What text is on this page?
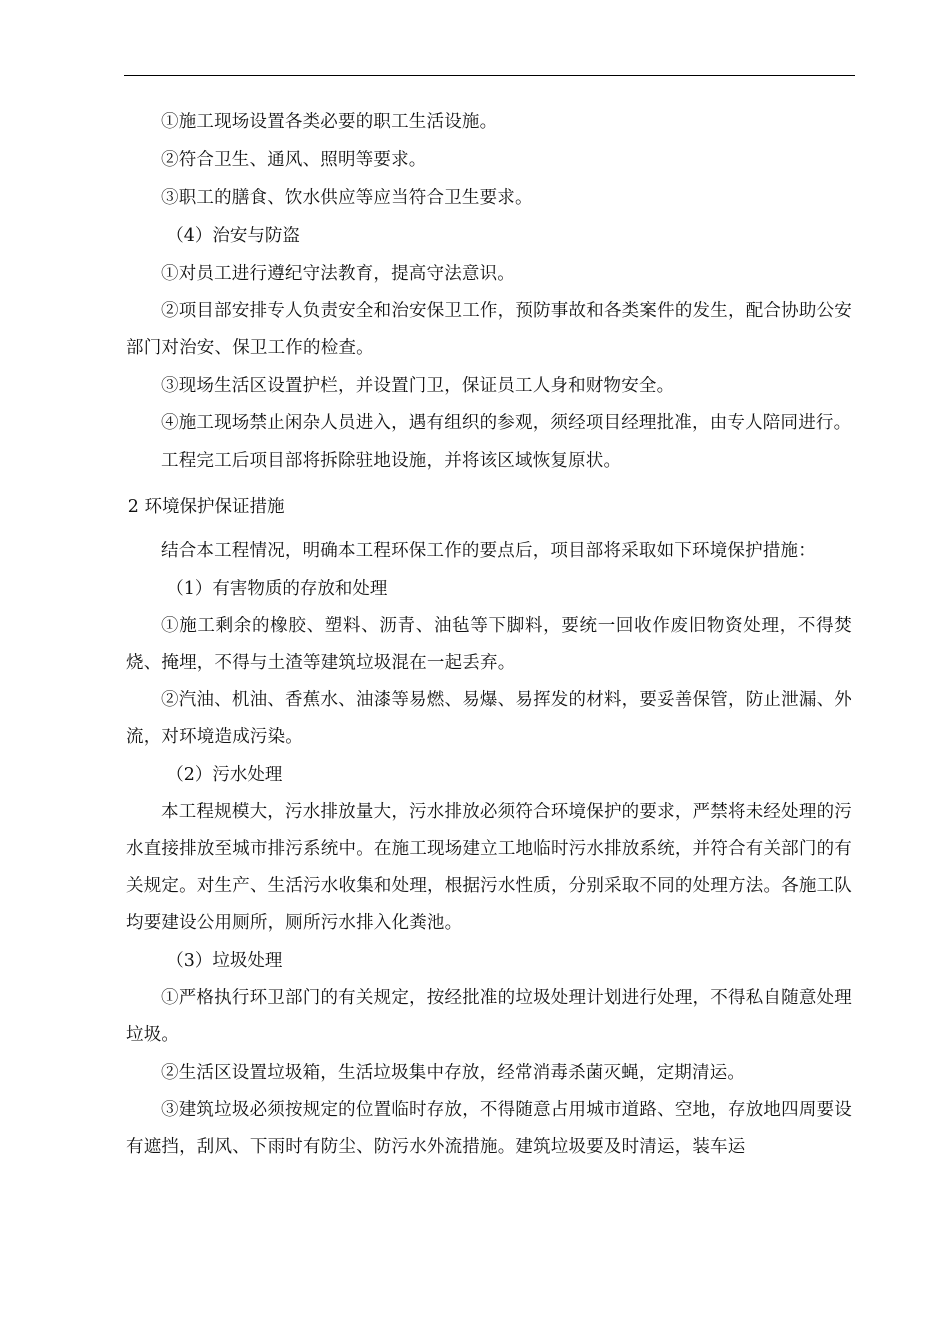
①施工现场设置各类必要的职工生活设施。

②符合卫生、通风、照明等要求。

③职工的膳食、饮水供应等应当符合卫生要求。

（4）治安与防盗

①对员工进行遵纪守法教育，提高守法意识。

②项目部安排专人负责安全和治安保卫工作，预防事故和各类案件的发生，配合协助公安部门对治安、保卫工作的检查。

③现场生活区设置护栏，并设置门卫，保证员工人身和财物安全。

④施工现场禁止闲杂人员进入，遇有组织的参观，须经项目经理批准，由专人陪同进行。

工程完工后项目部将拆除驻地设施，并将该区域恢复原状。

2 环境保护保证措施

结合本工程情况，明确本工程环保工作的要点后，项目部将采取如下环境保护措施：

（1）有害物质的存放和处理

①施工剩余的橡胶、塑料、沥青、油毡等下脚料，要统一回收作废旧物资处理，不得焚烧、掩埋，不得与土渣等建筑垃圾混在一起丢弃。

②汽油、机油、香蕉水、油漆等易燃、易爆、易挥发的材料，要妥善保管，防止泄漏、外流，对环境造成污染。

（2）污水处理

本工程规模大，污水排放量大，污水排放必须符合环境保护的要求，严禁将未经处理的污水直接排放至城市排污系统中。在施工现场建立工地临时污水排放系统，并符合有关部门的有关规定。对生产、生活污水收集和处理，根据污水性质，分别采取不同的处理方法。各施工队均要建设公用厕所，厕所污水排入化粪池。

（3）垃圾处理

①严格执行环卫部门的有关规定，按经批准的垃圾处理计划进行处理，不得私自随意处理垃圾。

②生活区设置垃圾箱，生活垃圾集中存放，经常消毒杀菌灭蝇，定期清运。

③建筑垃圾必须按规定的位置临时存放，不得随意占用城市道路、空地，存放地四周要设有遮挡，刮风、下雨时有防尘、防污水外流措施。建筑垃圾要及时清运，装车运
